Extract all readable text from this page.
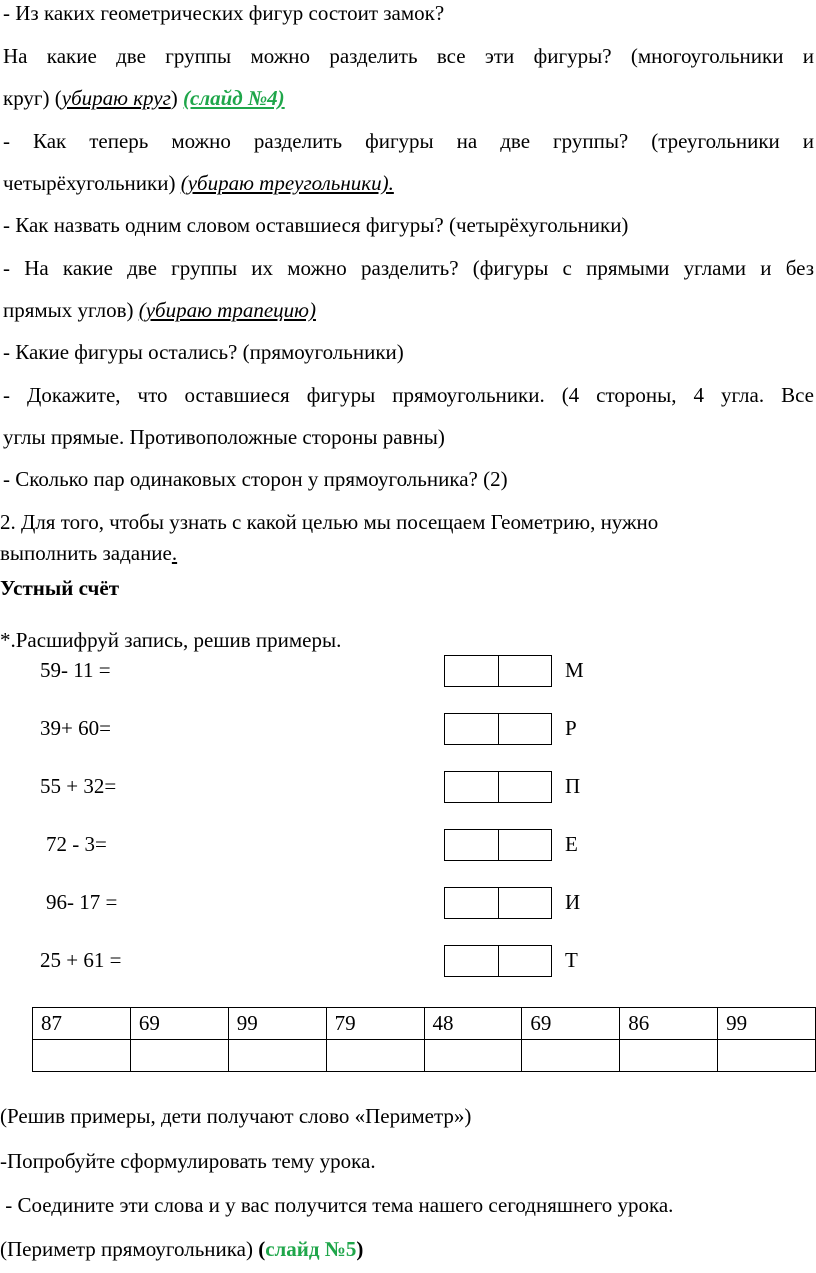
- Из каких геометрических фигур состоит замок?
На какие две группы можно разделить все эти фигуры? (многоугольники и
круг) (убираю круг) (слайд №4)
- Как теперь можно разделить фигуры на две группы? (треугольники и
четырёхугольники) (убираю треугольники).
- Как назвать одним словом оставшиеся фигуры? (четырёхугольники)
- На какие две группы их можно разделить? (фигуры с прямыми углами и без
прямых углов) (убираю трапецию)
- Какие фигуры остались? (прямоугольники)
- Докажите, что оставшиеся фигуры прямоугольники. (4 стороны, 4 угла. Все
углы прямые. Противоположные стороны равны)
- Сколько пар одинаковых сторон у прямоугольника? (2)
2. Для того, чтобы узнать с какой целью мы посещаем Геометрию, нужно
выполнить задание.
Устный счёт
*.Расшифруй запись, решив примеры.
59- 11 =	М
39+ 60=	Р
55 + 32=	П
72 - 3=	Е
96- 17 =	И
25 + 61 =	Т
87	69	99	79	48	69	86	99

(Решив примеры, дети получают слово «Периметр»)
-Попробуйте сформулировать тему урока.
- Соедините эти слова и у вас получится тема нашего сегодняшнего урока.
(Периметр прямоугольника) (слайд №5)
